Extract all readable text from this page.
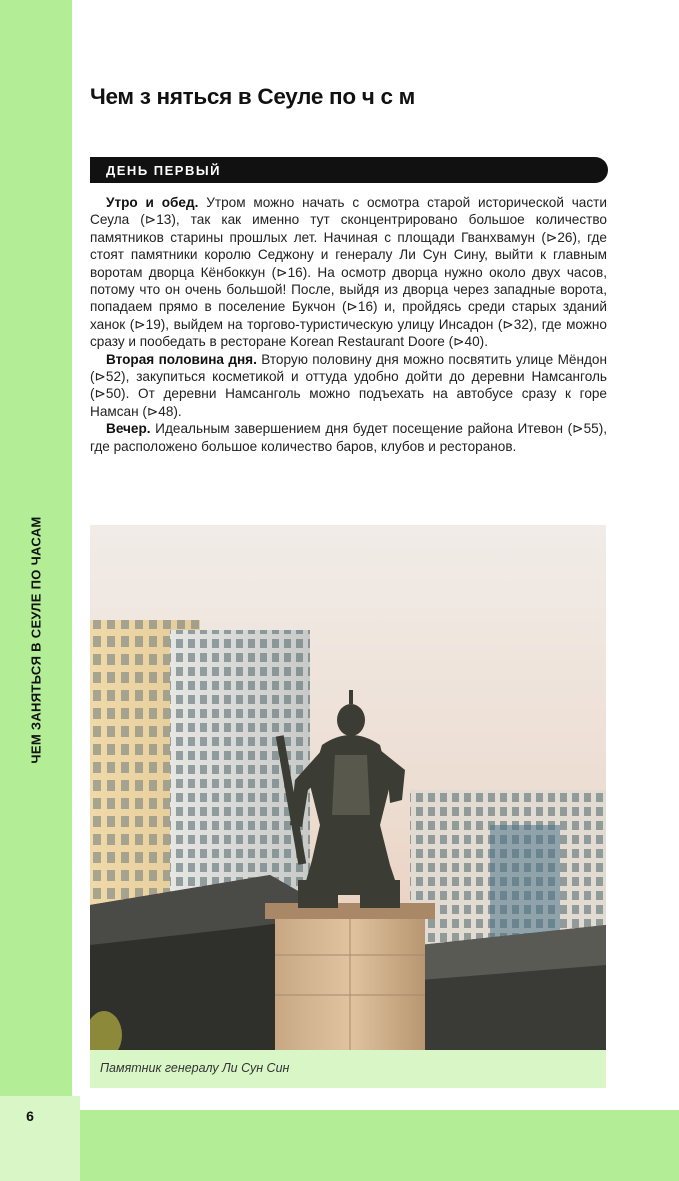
ЧЕМ ЗАНЯТЬСЯ В СЕУЛЕ ПО ЧАСАМ
6
Чем з няться в Сеуле по ч с м
ДЕНЬ ПЕРВЫЙ

Утро и обед. Утром можно начать с осмотра старой исторической части Сеула (⊳13), так как именно тут сконцентрировано большое количество памятников старины прошлых лет. Начиная с площади Гванхвамун (⊳26), где стоят памятники королю Седжону и генералу Ли Сун Сину, выйти к главным воротам дворца Кёнбоккун (⊳16). На осмотр дворца нужно около двух часов, потому что он очень большой! После, выйдя из дворца через западные ворота, попадаем прямо в поселение Букчон (⊳16) и, пройдясь среди старых зданий ханок (⊳19), выйдем на торгово-туристическую улицу Инсадон (⊳32), где можно сразу и пообедать в ресторане Korean Restaurant Doore (⊳40).

Вторая половина дня. Вторую половину дня можно посвятить улице Мёндон (⊳52), закупиться косметикой и оттуда удобно дойти до деревни Намсанголь (⊳50). От деревни Намсанголь можно подъехать на автобусе сразу к горе Намсан (⊳48).

Вечер. Идеальным завершением дня будет посещение района Итевон (⊳55), где расположено большое количество баров, клубов и ресторанов.

Памятник генералу Ли Сун Син
